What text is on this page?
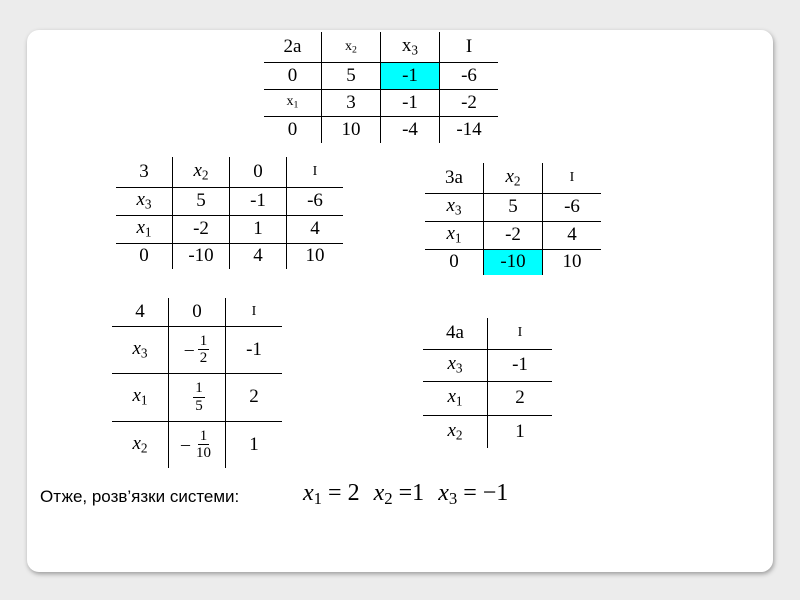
2a	$x_2$	$x_3$	I
0	5	-1	-6
$x_1$	3	-1	-2
0	10	-4	-14
3	$x_2$	0	I
$x_3$	5	-1	-6
$x_1$	-2	1	4
0	-10	4	10
3a	$x_2$	I
$x_3$	5	-6
$x_1$	-2	4
0	-10	10
4	0	I
$x_3$	– $\frac{1}{2}$	-1
$x_1$	$\frac{1}{5}$	2
$x_2$	– $\frac{1}{10}$	1
4a	I
$x_3$	-1
$x_1$	2
$x_2$	1
Отже, розв’язки системи:	$x_1 = 2$ $x_2 =1$ $x_3 = -1$
